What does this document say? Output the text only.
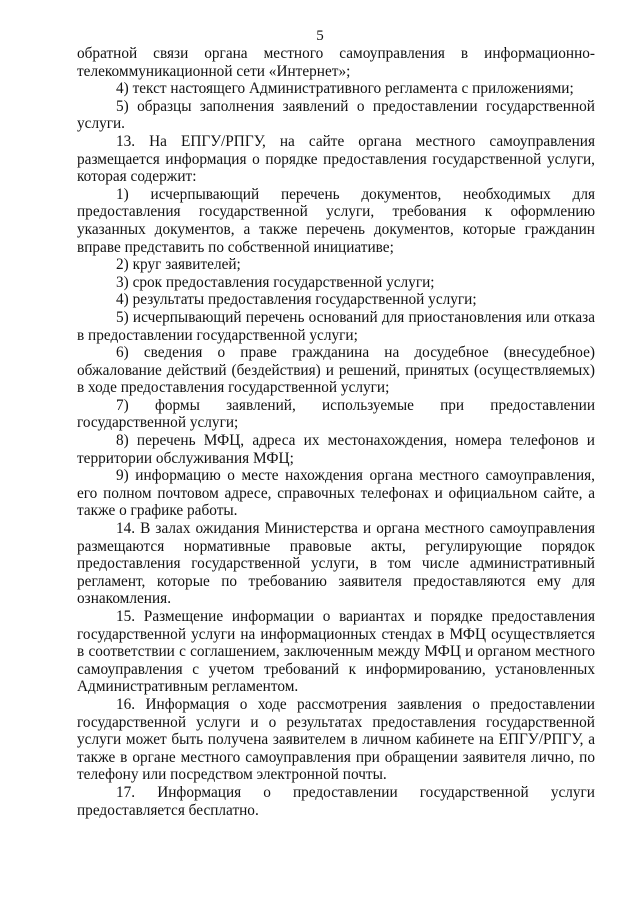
5

обратной связи органа местного самоуправления в информационно-телекоммуникационной сети «Интернет»;

4) текст настоящего Административного регламента с приложениями;

5) образцы заполнения заявлений о предоставлении государственной услуги.

13. На ЕПГУ/РПГУ, на сайте органа местного самоуправления размещается информация о порядке предоставления государственной услуги, которая содержит:

1) исчерпывающий перечень документов, необходимых для предоставления государственной услуги, требования к оформлению указанных документов, а также перечень документов, которые гражданин вправе представить по собственной инициативе;

2) круг заявителей;

3) срок предоставления государственной услуги;

4) результаты предоставления государственной услуги;

5) исчерпывающий перечень оснований для приостановления или отказа в предоставлении государственной услуги;

6) сведения о праве гражданина на досудебное (внесудебное) обжалование действий (бездействия) и решений, принятых (осуществляемых) в ходе предоставления государственной услуги;

7) формы заявлений, используемые при предоставлении государственной услуги;

8) перечень МФЦ, адреса их местонахождения, номера телефонов и территории обслуживания МФЦ;

9) информацию о месте нахождения органа местного самоуправления, его полном почтовом адресе, справочных телефонах и официальном сайте, а также о графике работы.

14. В залах ожидания Министерства и органа местного самоуправления размещаются нормативные правовые акты, регулирующие порядок предоставления государственной услуги, в том числе административный регламент, которые по требованию заявителя предоставляются ему для ознакомления.

15. Размещение информации о вариантах и порядке предоставления государственной услуги на информационных стендах в МФЦ осуществляется в соответствии с соглашением, заключенным между МФЦ и органом местного самоуправления с учетом требований к информированию, установленных Административным регламентом.

16. Информация о ходе рассмотрения заявления о предоставлении государственной услуги и о результатах предоставления государственной услуги может быть получена заявителем в личном кабинете на ЕПГУ/РПГУ, а также в органе местного самоуправления при обращении заявителя лично, по телефону или посредством электронной почты.

17. Информация о предоставлении государственной услуги предоставляется бесплатно.
